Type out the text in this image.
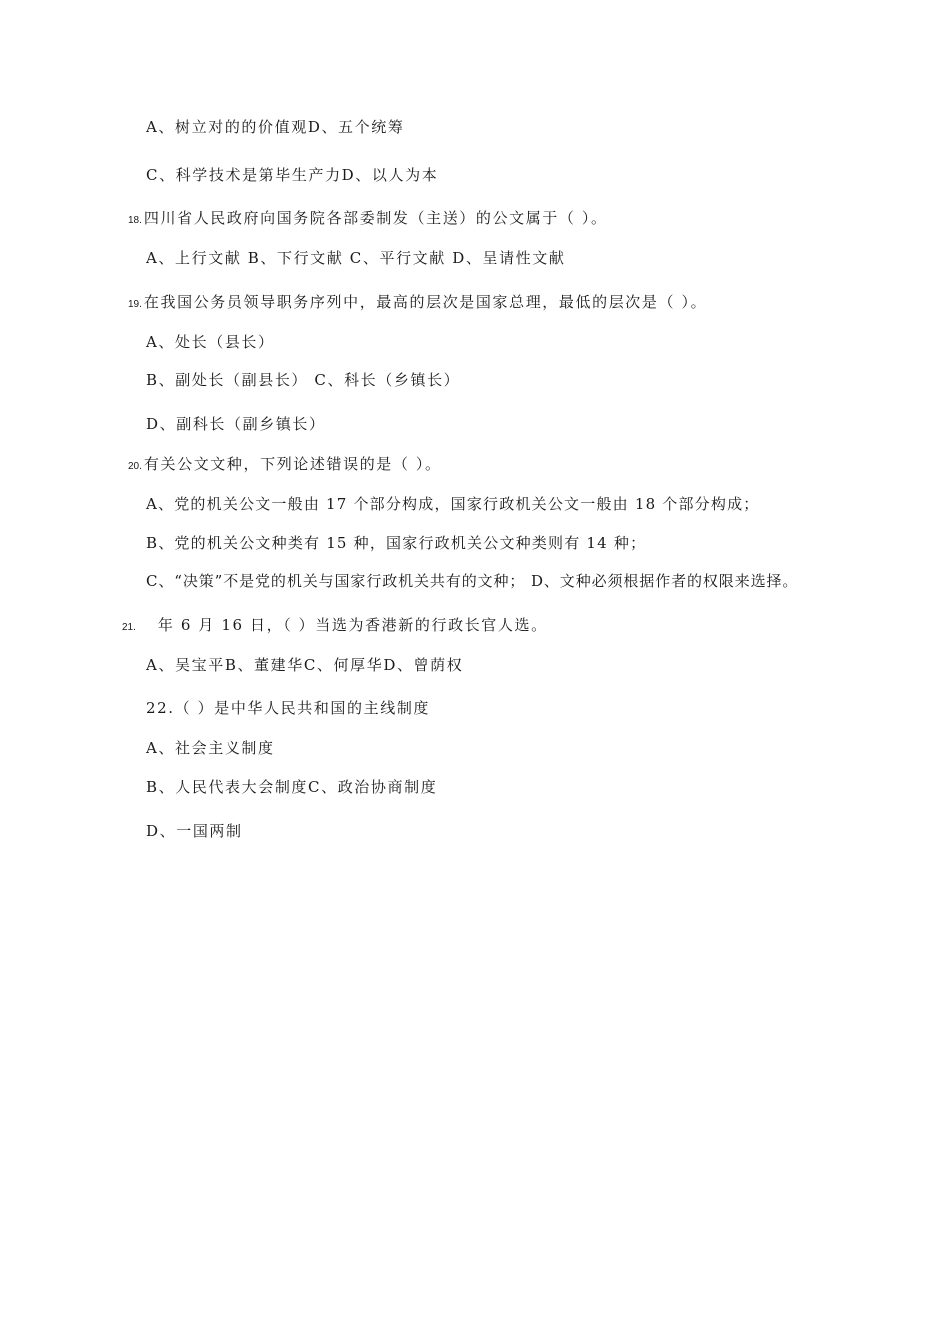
A、树立对的的价值观D、五个统筹
C、科学技术是第毕生产力D、以人为本
18. 四川省人民政府向国务院各部委制发（主送）的公文属于（ ）。
A、上行文献 B、下行文献 C、平行文献 D、呈请性文献
19. 在我国公务员领导职务序列中，最高的层次是国家总理，最低的层次是（ ）。
A、处长（县长）
B、副处长（副县长） C、科长（乡镇长）
D、副科长（副乡镇长）
20. 有关公文文种，下列论述错误的是（ ）。
A、党的机关公文一般由 17 个部分构成，国家行政机关公文一般由 18 个部分构成；
B、党的机关公文种类有 15 种，国家行政机关公文种类则有 14 种；
C、“决策”不是党的机关与国家行政机关共有的文种； D、文种必须根据作者的权限来选择。
21. 年 6 月 16 日，（ ）当选为香港新的行政长官人选。
A、吴宝平B、董建华C、何厚华D、曾荫权
22.（ ）是中华人民共和国的主线制度
A、社会主义制度
B、人民代表大会制度C、政治协商制度
D、一国两制
